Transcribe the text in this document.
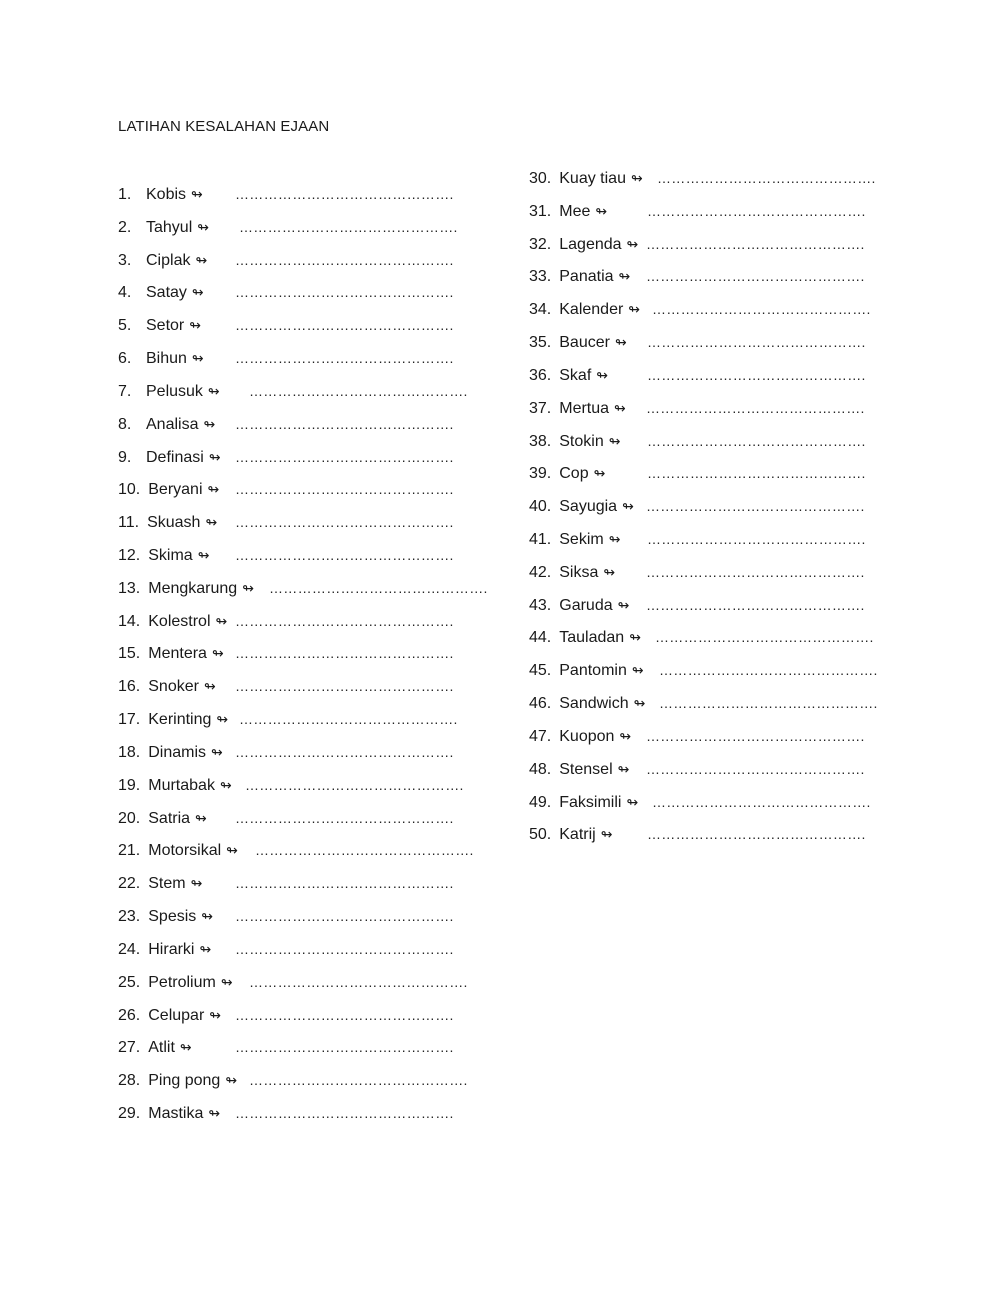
LATIHAN KESALAHAN EJAAN
1. Kobis ↬ ……………………………………….
2. Tahyul ↬ ……………………………………….
3. Ciplak ↬ ……………………………………….
4. Satay ↬ ……………………………………….
5. Setor ↬ ……………………………………….
6. Bihun ↬ ……………………………………….
7. Pelusuk ↬ ……………………………………….
8. Analisa ↬ ……………………………………….
9. Definasi ↬ ……………………………………….
10. Beryani ↬ ……………………………………….
11. Skuash ↬ ……………………………………….
12. Skima ↬ ……………………………………….
13. Mengkarung ↬ ……………………………………….
14. Kolestrol ↬ ……………………………………….
15. Mentera ↬ ……………………………………….
16. Snoker ↬ ……………………………………….
17. Kerinting ↬ ……………………………………….
18. Dinamis ↬ ……………………………………….
19. Murtabak ↬ ……………………………………….
20. Satria ↬ ……………………………………….
21. Motorsikal ↬ ……………………………………….
22. Stem ↬ ……………………………………….
23. Spesis ↬ ……………………………………….
24. Hirarki ↬ ……………………………………….
25. Petrolium ↬ ……………………………………….
26. Celupar ↬ ……………………………………….
27. Atlit ↬	……………………………………….
28. Ping pong ↬ ……………………………………….
29. Mastika ↬ ……………………………………….
30. Kuay tiau ↬ ……………………………………….
31. Mee ↬	……………………………………….
32. Lagenda ↬ ……………………………………….
33. Panatia ↬ ……………………………………….
34. Kalender ↬ ……………………………………….
35. Baucer ↬ ……………………………………….
36. Skaf ↬	……………………………………….
37. Mertua ↬ ……………………………………….
38. Stokin ↬ ……………………………………….
39. Cop ↬	……………………………………….
40. Sayugia ↬ ……………………………………….
41. Sekim ↬ ……………………………………….
42. Siksa ↬ ……………………………………….
43. Garuda ↬ ……………………………………….
44. Tauladan ↬ ……………………………………….
45. Pantomin ↬ ……………………………………….
46. Sandwich ↬ ……………………………………….
47. Kuopon ↬ ……………………………………….
48. Stensel ↬ ……………………………………….
49. Faksimili ↬ ……………………………………….
50. Katrij ↬ ……………………………………….
